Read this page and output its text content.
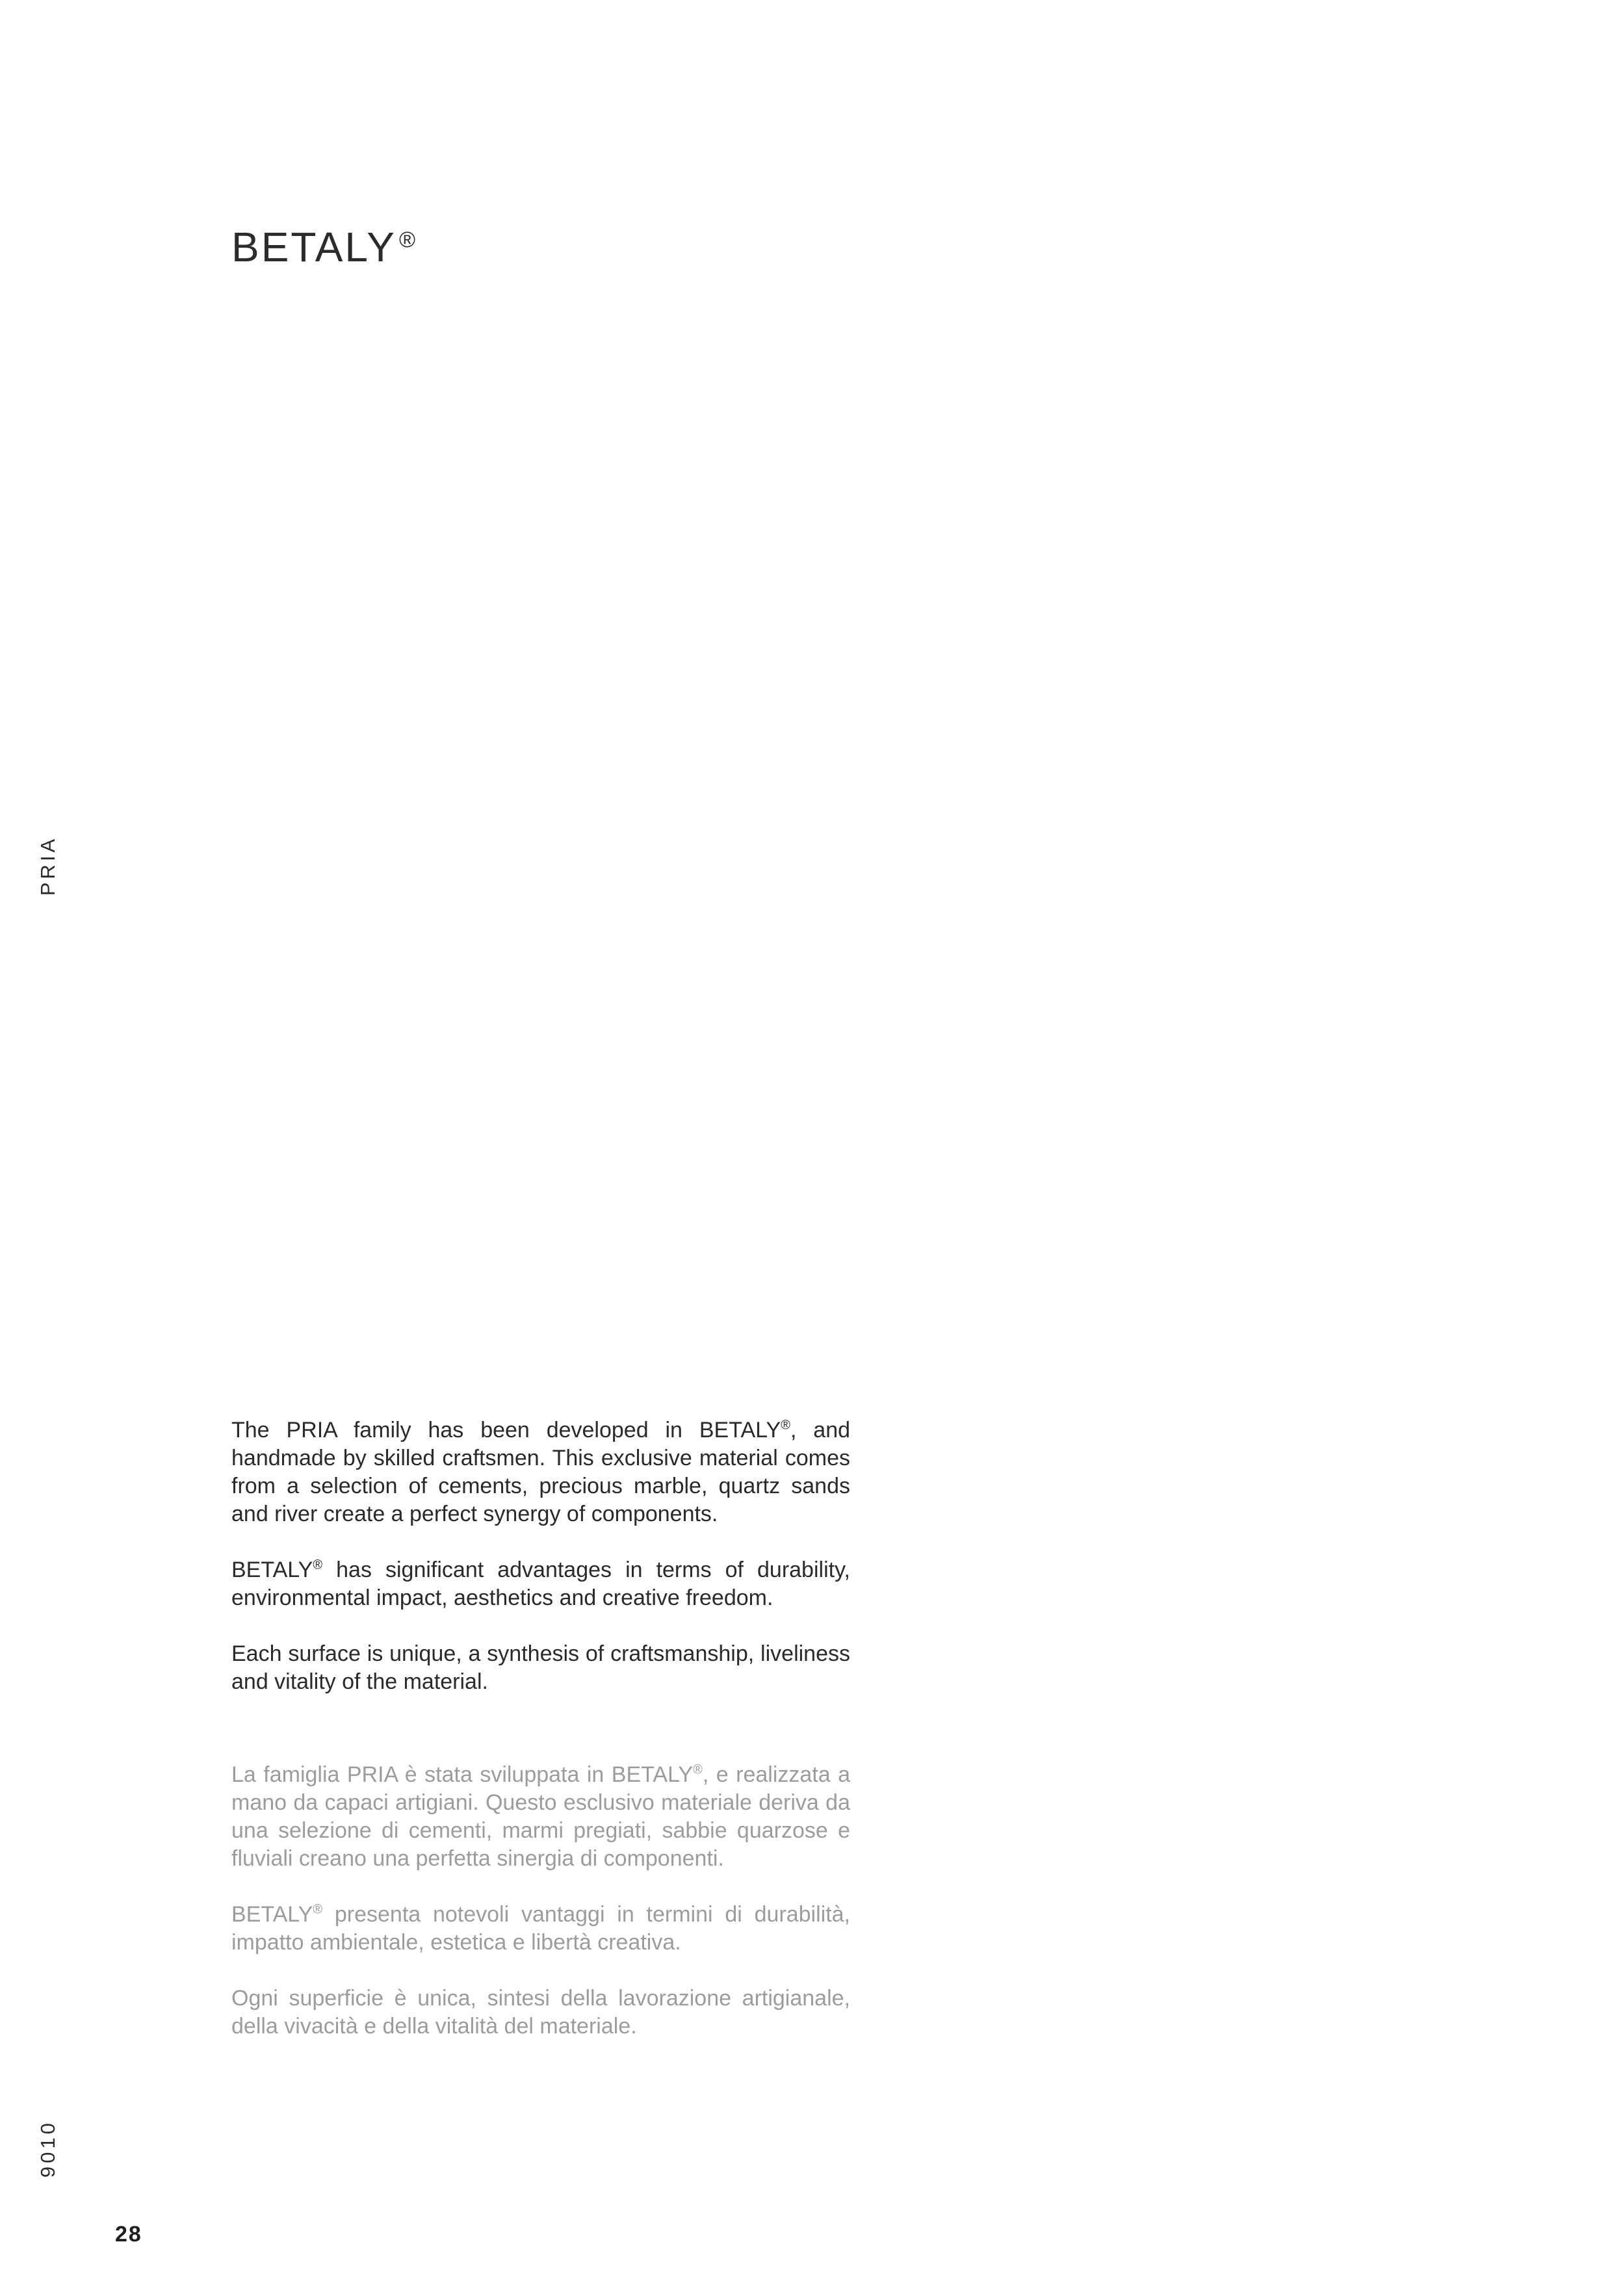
BETALY ®
PRIA
9010

The PRIA family has been developed in BETALY®, and handmade by skilled craftsmen. This exclusive material comes from a selection of cements, precious marble, quartz sands and river create a perfect synergy of components.

BETALY® has significant advantages in terms of durability, environmental impact, aesthetics and creative freedom.

Each surface is unique, a synthesis of craftsmanship, liveliness and vitality of the material.

La famiglia PRIA è stata sviluppata in BETALY®, e realizzata a mano da capaci artigiani. Questo esclusivo materiale deriva da una selezione di cementi, marmi pregiati, sabbie quarzose e fluviali creano una perfetta sinergia di componenti.

BETALY® presenta notevoli vantaggi in termini di durabilità, impatto ambientale, estetica e libertà creativa.

Ogni superficie è unica, sintesi della lavorazione artigianale, della vivacità e della vitalità del materiale.

28
